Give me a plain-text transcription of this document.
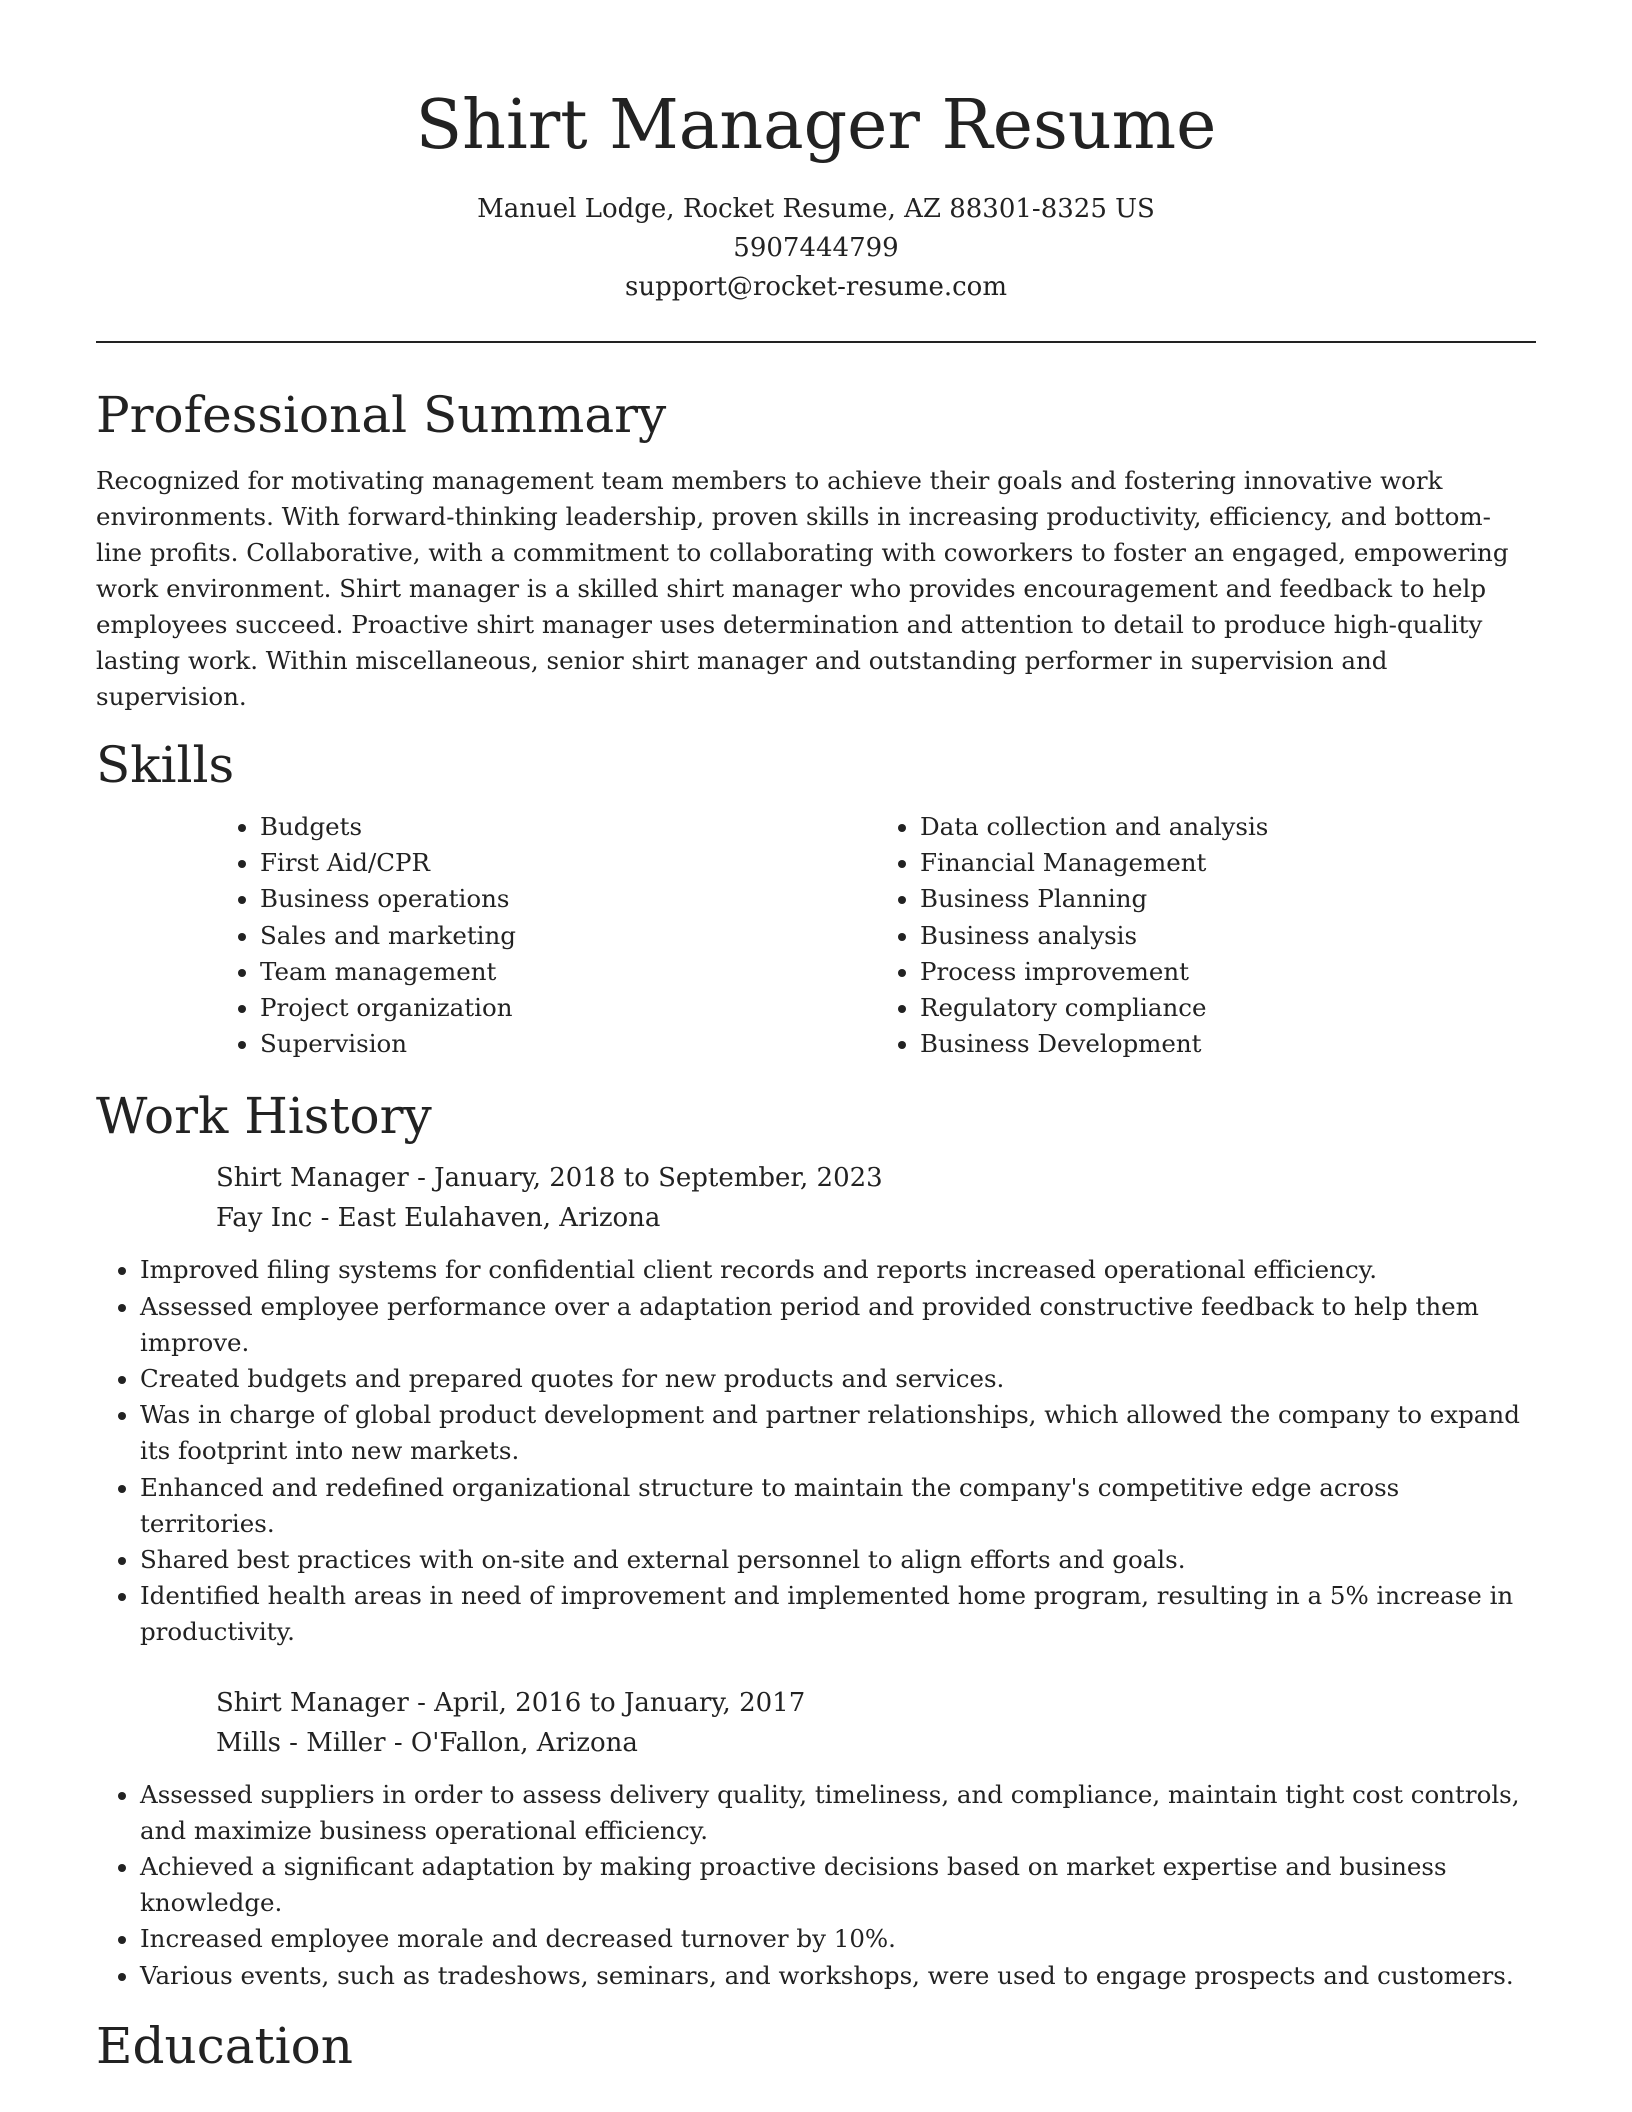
Shirt Manager Resume
Manuel Lodge, Rocket Resume, AZ 88301-8325 US
5907444799
support@rocket-resume.com
Professional Summary

Recognized for motivating management team members to achieve their goals and fostering innovative work environments. With forward-thinking leadership, proven skills in increasing productivity, efficiency, and bottom-line profits. Collaborative, with a commitment to collaborating with coworkers to foster an engaged, empowering work environment. Shirt manager is a skilled shirt manager who provides encouragement and feedback to help employees succeed. Proactive shirt manager uses determination and attention to detail to produce high-quality lasting work. Within miscellaneous, senior shirt manager and outstanding performer in supervision and supervision.

Skills
• Budgets
• First Aid/CPR
• Business operations
• Sales and marketing
• Team management
• Project organization
• Supervision
• Data collection and analysis
• Financial Management
• Business Planning
• Business analysis
• Process improvement
• Regulatory compliance
• Business Development
Work History

Shirt Manager - January, 2018 to September, 2023

Fay Inc - East Eulahaven, Arizona

• Improved filing systems for confidential client records and reports increased operational efficiency.
• Assessed employee performance over a adaptation period and provided constructive feedback to help them improve.
• Created budgets and prepared quotes for new products and services.
• Was in charge of global product development and partner relationships, which allowed the company to expand its footprint into new markets.
• Enhanced and redefined organizational structure to maintain the company's competitive edge across territories.
• Shared best practices with on-site and external personnel to align efforts and goals.
• Identified health areas in need of improvement and implemented home program, resulting in a 5% increase in productivity.

Shirt Manager - April, 2016 to January, 2017

Mills - Miller - O'Fallon, Arizona

• Assessed suppliers in order to assess delivery quality, timeliness, and compliance, maintain tight cost controls, and maximize business operational efficiency.
• Achieved a significant adaptation by making proactive decisions based on market expertise and business knowledge.
• Increased employee morale and decreased turnover by 10%.
• Various events, such as tradeshows, seminars, and workshops, were used to engage prospects and customers.
Education
